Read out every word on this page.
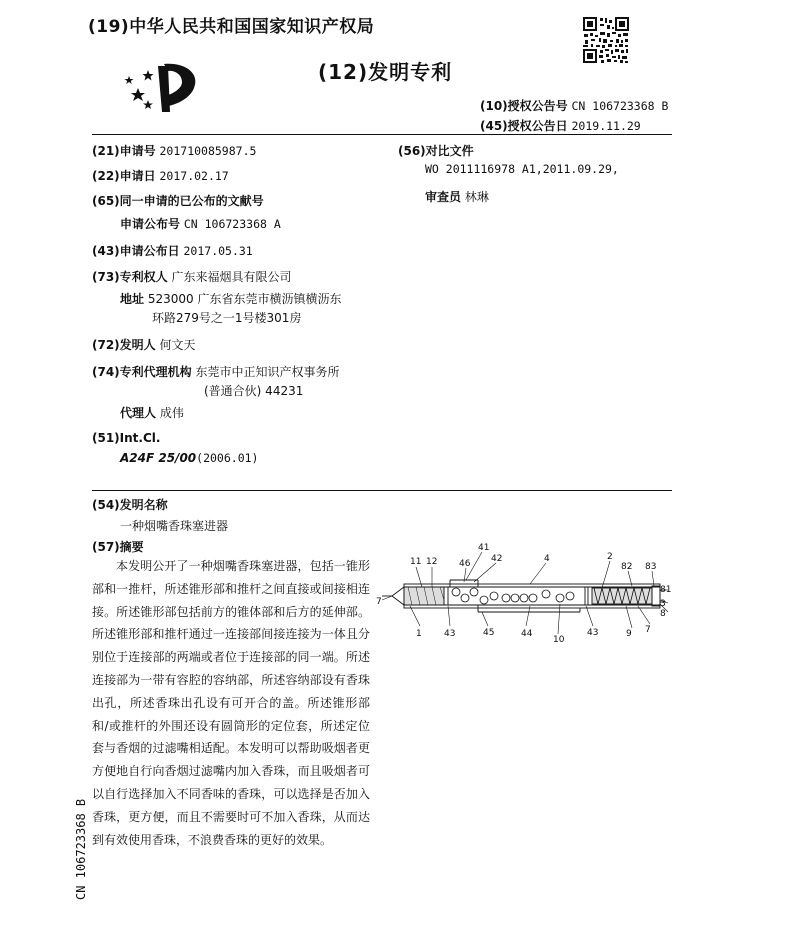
(19)中华人民共和国国家知识产权局
(12)发明专利
(10)授权公告号 CN 106723368 B
(45)授权公告日 2019.11.29
(21)申请号 201710085987.5
(22)申请日 2017.02.17
(65)同一申请的已公布的文献号
申请公布号 CN 106723368 A
(43)申请公布日 2017.05.31
(73)专利权人 广东来福烟具有限公司
地址 523000 广东省东莞市横沥镇横沥东
环路279号之一1号楼301房
(72)发明人 何文天
(74)专利代理机构 东莞市中正知识产权事务所
(普通合伙) 44231
代理人 成伟
(51)Int.Cl.
A24F 25/00(2006.01)
(56)对比文件
WO 2011116978 A1,2011.09.29,
审查员 林琳
(54)发明名称
一种烟嘴香珠塞进器
(57)摘要
本发明公开了一种烟嘴香珠塞进器，包括一锥形部和一推杆，所述锥形部和推杆之间直接或间接相连接。所述锥形部包括前方的锥体部和后方的延伸部。所述锥形部和推杆通过一连接部间接连接为一体且分别位于连接部的两端或者位于连接部的同一端。所述连接部为一带有容腔的容纳部，所述容纳部设有香珠出孔，所述香珠出孔设有可开合的盖。所述锥形部和/或推杆的外围还设有圆筒形的定位套，所述定位套与香烟的过滤嘴相适配。本发明可以帮助吸烟者更方便地自行向香烟过滤嘴内加入香珠，而且吸烟者可以自行选择加入不同香味的香珠，可以选择是否加入香珠，更方便，而且不需要时可不加入香珠，从而达到有效使用香珠，不浪费香珠的更好的效果。
11 12 46
41
42	4	2
82 83
81
3
8
7
9
7
1 43	45	44
10
43
CN 106723368 B
